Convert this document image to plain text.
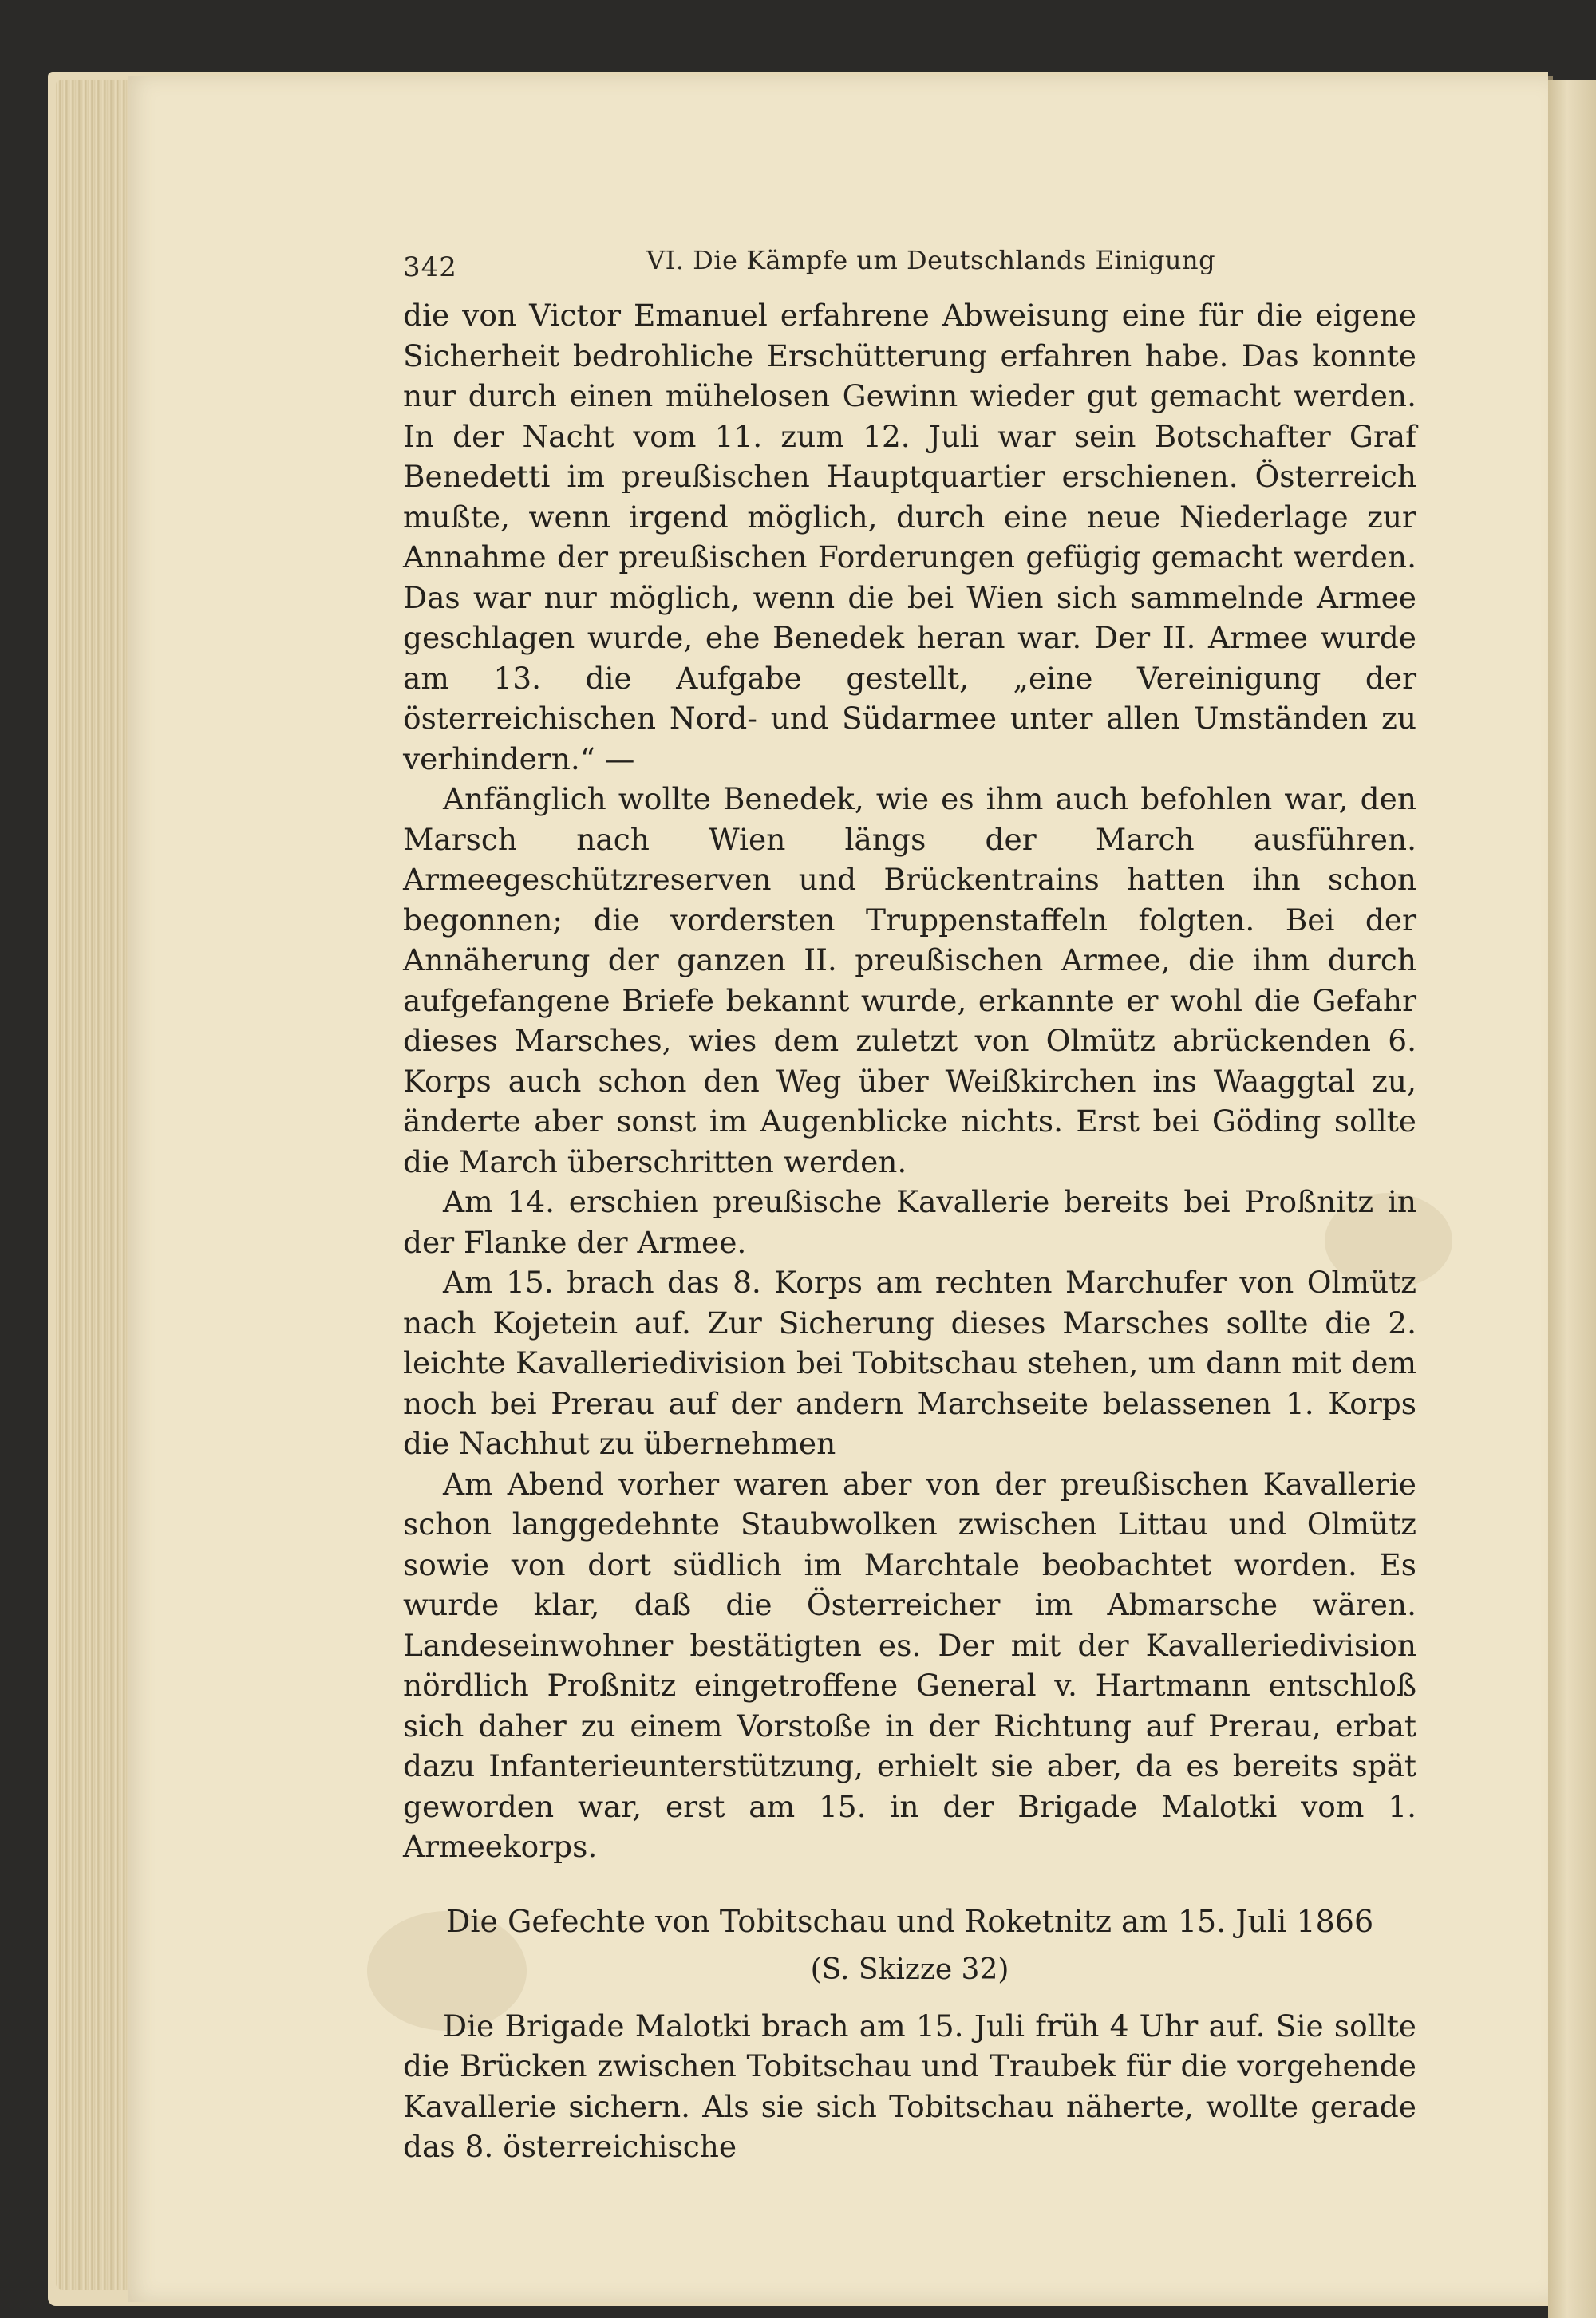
342	VI. Die Kämpfe um Deutschlands Einigung

die von Victor Emanuel erfahrene Abweisung eine für die eigene Sicherheit bedrohliche Erschütterung erfahren habe. Das konnte nur durch einen mühelosen Gewinn wieder gut gemacht werden. In der Nacht vom 11. zum 12. Juli war sein Botschafter Graf Benedetti im preußischen Hauptquartier erschienen. Österreich mußte, wenn irgend möglich, durch eine neue Niederlage zur Annahme der preußischen Forderungen gefügig gemacht werden. Das war nur möglich, wenn die bei Wien sich sammelnde Armee geschlagen wurde, ehe Benedek heran war. Der II. Armee wurde am 13. die Aufgabe gestellt, „eine Vereinigung der österreichischen Nord- und Südarmee unter allen Umständen zu verhindern.“ —

Anfänglich wollte Benedek, wie es ihm auch befohlen war, den Marsch nach Wien längs der March ausführen. Armeegeschützreserven und Brückentrains hatten ihn schon begonnen; die vordersten Truppenstaffeln folgten. Bei der Annäherung der ganzen II. preußischen Armee, die ihm durch aufgefangene Briefe bekannt wurde, erkannte er wohl die Gefahr dieses Marsches, wies dem zuletzt von Olmütz abrückenden 6. Korps auch schon den Weg über Weißkirchen ins Waaggtal zu, änderte aber sonst im Augenblicke nichts. Erst bei Göding sollte die March überschritten werden.

Am 14. erschien preußische Kavallerie bereits bei Proßnitz in der Flanke der Armee.

Am 15. brach das 8. Korps am rechten Marchufer von Olmütz nach Kojetein auf. Zur Sicherung dieses Marsches sollte die 2. leichte Kavalleriedivision bei Tobitschau stehen, um dann mit dem noch bei Prerau auf der andern Marchseite belassenen 1. Korps die Nachhut zu übernehmen

Am Abend vorher waren aber von der preußischen Kavallerie schon langgedehnte Staubwolken zwischen Littau und Olmütz sowie von dort südlich im Marchtale beobachtet worden. Es wurde klar, daß die Österreicher im Abmarsche wären. Landeseinwohner bestätigten es. Der mit der Kavalleriedivision nördlich Proßnitz eingetroffene General v. Hartmann entschloß sich daher zu einem Vorstoße in der Richtung auf Prerau, erbat dazu Infanterieunterstützung, erhielt sie aber, da es bereits spät geworden war, erst am 15. in der Brigade Malotki vom 1. Armeekorps.

Die Gefechte von Tobitschau und Roketnitz am 15. Juli 1866

(S. Skizze 32)

Die Brigade Malotki brach am 15. Juli früh 4 Uhr auf. Sie sollte die Brücken zwischen Tobitschau und Traubek für die vorgehende Kavallerie sichern. Als sie sich Tobitschau näherte, wollte gerade das 8. österreichische
